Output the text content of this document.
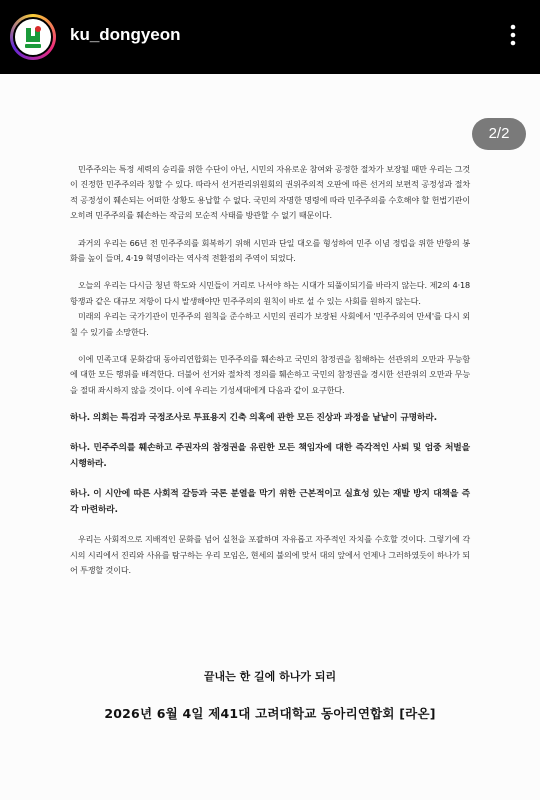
ku_dongyeon
2/2

민주주의는 특정 세력의 승리를 위한 수단이 아닌, 시민의 자유로운 참여와 공정한 절차가 보장될 때만 우리는 그것이 진정한 민주주의라 칭할 수 있다. 따라서 선거관리위원회의 권위주의적 오판에 따른 선거의 보편적 공정성과 절차적 공정성이 훼손되는 어떠한 상황도 용납할 수 없다. 국민의 자명한 명령에 따라 민주주의를 수호해야 할 헌법기관이 오히려 민주주의를 훼손하는 작금의 모순적 사태를 방관할 수 없기 때문이다.

과거의 우리는 66년 전 민주주의를 회복하기 위해 시민과 단일 대오를 형성하여 민주 이념 정립을 위한 반항의 봉화를 높이 들며, 4·19 혁명이라는 역사적 전환점의 주역이 되었다.

오늘의 우리는 다시금 청년 학도와 시민들이 거리로 나서야 하는 시대가 되풀이되기를 바라지 않는다. 제2의 4·18 항쟁과 같은 대규모 저항이 다시 발생해야만 민주주의의 원칙이 바로 설 수 있는 사회를 원하지 않는다.

미래의 우리는 국가기관이 민주주의 원칙을 준수하고 시민의 권리가 보장된 사회에서 '민주주의여 만세'를 다시 외칠 수 있기를 소망한다.

이에 민족고대 문화감대 동아리연합회는 민주주의를 훼손하고 국민의 참정권을 침해하는 선관위의 오만과 무능함에 대한 모든 행위를 배격한다. 더불어 선거와 절차적 정의를 훼손하고 국민의 참정권을 경시한 선관위의 오만과 무능을 절대 좌시하지 않을 것이다. 이에 우리는 기성세대에게 다음과 같이 요구한다.

하나. 의회는 특검과 국정조사로 투표용지 긴축 의혹에 관한 모든 진상과 과정을 낱낱이 규명하라.

하나. 민주주의를 훼손하고 주권자의 참정권을 유린한 모든 책임자에 대한 즉각적인 사퇴 및 엄중 처벌을 시행하라.

하나. 이 시안에 따른 사회적 갈등과 국론 분열을 막기 위한 근본적이고 실효성 있는 재발 방지 대책을 즉각 마련하라.

우리는 사회적으로 지배적인 문화를 넘어 실천을 포괄하며 자유롭고 자주적인 자치를 수호할 것이다. 그렇기에 각시의 시리에서 진리와 사유를 탐구하는 우리 모임은, 현세의 불의에 맞서 대의 앞에서 언제나 그러하였듯이 하나가 되어 투쟁할 것이다.

끝내는 한 길에 하나가 되리
2026년 6월 4일 제41대 고려대학교 동아리연합회 [라온]
